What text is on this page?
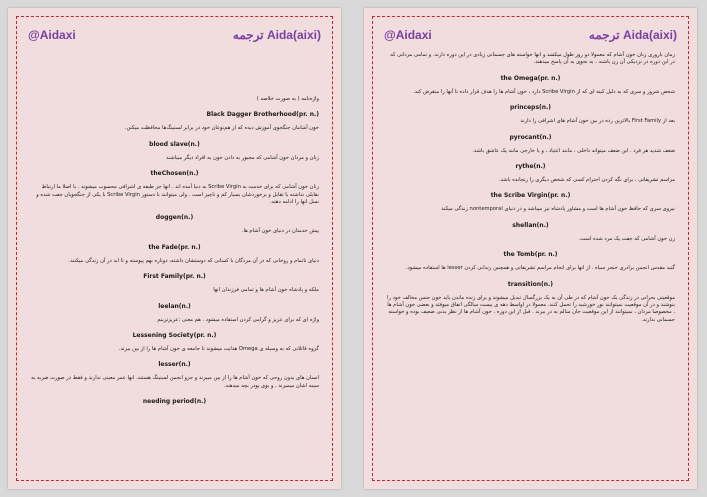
ترجمه Aida(aixi)
@Aidaxi

واژه‌نامه ( به صورت خلاصه )

Black Dagger Brotherhood(pr. n.)

خون آشامان جنگجوی آموزش دیده که از هم‌نوعان خود در برابر لسنینگ‌ها محافظت میکنن.

blood slave(n.)

زنان و مردان خون آشامی که مجبور به دادن خون به افراد دیگر میباشند

theChosen(n.)

زنان خون آشامی که برای خدمت به Scribe Virgin به دنیا آمده اند . انها جز طبقه ی اشرافی محسوب میشوند . با اصلا ما ارتباط نقابلی نداشته با تقابل و برخوردشان بسیار کم و ناچیز است . ولی میتوانند با دستور Scribe Virgin با یکی از جنگجویان جفت شده و نسل انها را ادامه دهند.

doggen(n.)

پیش خدمتان در دنیای خون آشام ها.

the Fade(pr. n.)

دنیای ناتمام و روحانی که در آن مردگان با کسانی که دوستشان داشته، دوباره بهم پیوسته و تا ابد در آن زندگی میکنند.

First Family(pr. n.)

ملکه و پادشاه خون آشام ها و تمامی فرزندان انها

leelan(n.)

واژه ای که برای عزیز و گرامی کردن استفاده میشود . هم معنی :عزیزترینم

Lessening Society(pr. n.)

گروه قاتلانی که به وسیله ی Omega هدایت میشوند تا جامعه ی خون آشام ها را از بین ببرند.

lesser(n.)

انسان های بدون روحی که خون آشام ها را از بین میبرند و جزو انجمن لسنینگ هستند. انها عمر معینی ندارند و فقط در صورت ضربه به سینه اشان میمیرند . و بوی پودر بچه میدهند.

needing period(n.)
ترجمه Aida(aixi)
@Aidaxi

زمان باروری زنان خون آشام که معمولا دو روز طول میکشد و انها خواسته های جسمانی زیادی در این دوره دارند. و تمامی مردانی که در این دوره در نزدیکی آن زن باشند ، به نحوی به آن پاسخ میدهند.

the Omega(pr. n.)

شخص شرور و سری که به دلیل کینه ای که از Scribe Virgin دارد ، خون آشام ها را هدف قرار داده تا آنها را منقرض کند.

princeps(n.)

بعد از First Family بالاترین رده در بین خون آشام های اشرافی را دارند

pyrocant(n.)

ضعف شدید هر فرد . این ضعف میتواند داخلی ، مانند اعتیاد ، و یا خارجی مانند یک عاشق باشد.

rythe(n.)

مراسم تشریفاتی ، برای نگه کردن احترام کسی که شخص دیگری را رنجانده باشد.

the Scribe Virgin(pr. n.)

نیروی سری که حافظ خون آشام ها است و مشاور پادشاه نیز میباشد و در دنیای nontemporal زندگی میکند

shellan(n.)

زن خون آشامی که جفت یک مرد شده است.

the Tomb(pr. n.)

گنبد مقدس انجمن برادری خنجر سیاه . از انها برای انجام مراسم تشریفاتی و همچنین زندانی کردن lesser ها استفاده میشود.

transition(n.)

موقعیتی بحرانی در زندگی یک خون آشام که در طی آن به یک بزرگسال تبدیل میشوند و برای زنده ماندن باید خون جنس مخالف خود را بنوشند و در آن موقعیت نمیتوانند نور خورشید را تحمل کنند. معمولا در اواسط دهه ی بیست سالگی اتفاق میوفتد و بعضی خون آشام ها ، مخصوصا مردان ، نمیتوانند از این موقعیت جان سالم به در ببرند . قبل از این دوره ، خون آشام ها از نظر بدنی ضعیف بوده و خواسته جسمانی ندارند.
